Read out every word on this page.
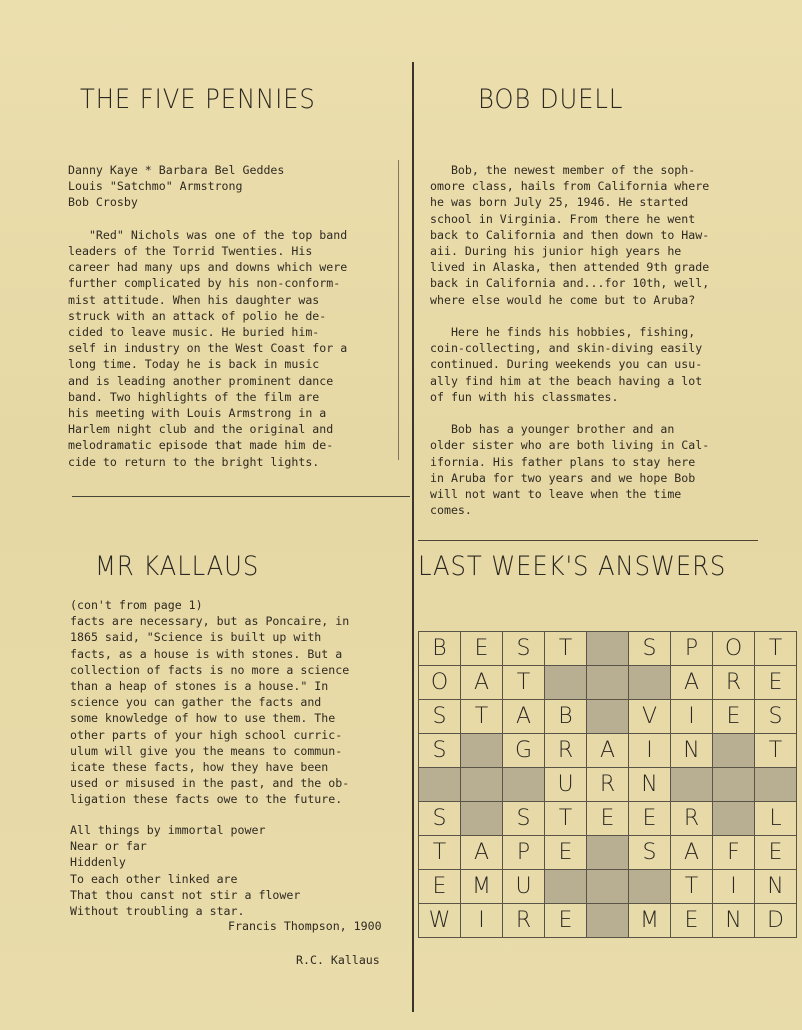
THE FIVE PENNIES
Danny Kaye * Barbara Bel Geddes
Louis "Satchmo" Armstrong
Bob Crosby

"Red" Nichols was one of the top band
leaders of the Torrid Twenties. His
career had many ups and downs which were
further complicated by his non-conform-
mist attitude. When his daughter was
struck with an attack of polio he de-
cided to leave music. He buried him-
self in industry on the West Coast for a
long time. Today he is back in music
and is leading another prominent dance
band. Two highlights of the film are
his meeting with Louis Armstrong in a
Harlem night club and the original and
melodramatic episode that made him de-
cide to return to the bright lights.
BOB DUELL
Bob, the newest member of the soph-
omore class, hails from California where
he was born July 25, 1946. He started
school in Virginia. From there he went
back to California and then down to Haw-
aii. During his junior high years he
lived in Alaska, then attended 9th grade
back in California and...for 10th, well,
where else would he come but to Aruba?

Here he finds his hobbies, fishing,
coin-collecting, and skin-diving easily
continued. During weekends you can usu-
ally find him at the beach having a lot
of fun with his classmates.

Bob has a younger brother and an
older sister who are both living in Cal-
ifornia. His father plans to stay here
in Aruba for two years and we hope Bob
will not want to leave when the time
comes.
MR KALLAUS
(con't from page 1)
facts are necessary, but as Poncaire, in
1865 said, "Science is built up with
facts, as a house is with stones. But a
collection of facts is no more a science
than a heap of stones is a house." In
science you can gather the facts and
some knowledge of how to use them. The
other parts of your high school curric-
ulum will give you the means to commun-
icate these facts, how they have been
used or misused in the past, and the ob-
ligation these facts owe to the future.
All things by immortal power
Near or far
Hiddenly
To each other linked are
That thou canst not stir a flower
Without troubling a star.
Francis Thompson, 1900
R.C. Kallaus
LAST WEEK'S ANSWERS
B	E	S	T		S	P	O	T
O	A	T				A	R	E
S	T	A	B		V	I	E	S
S		G	R	A	I	N		T
			U	R	N			
S		S	T	E	E	R		L
T	A	P	E		S	A	F	E
E	M	U				T	I	N
W	I	R	E		M	E	N	D
